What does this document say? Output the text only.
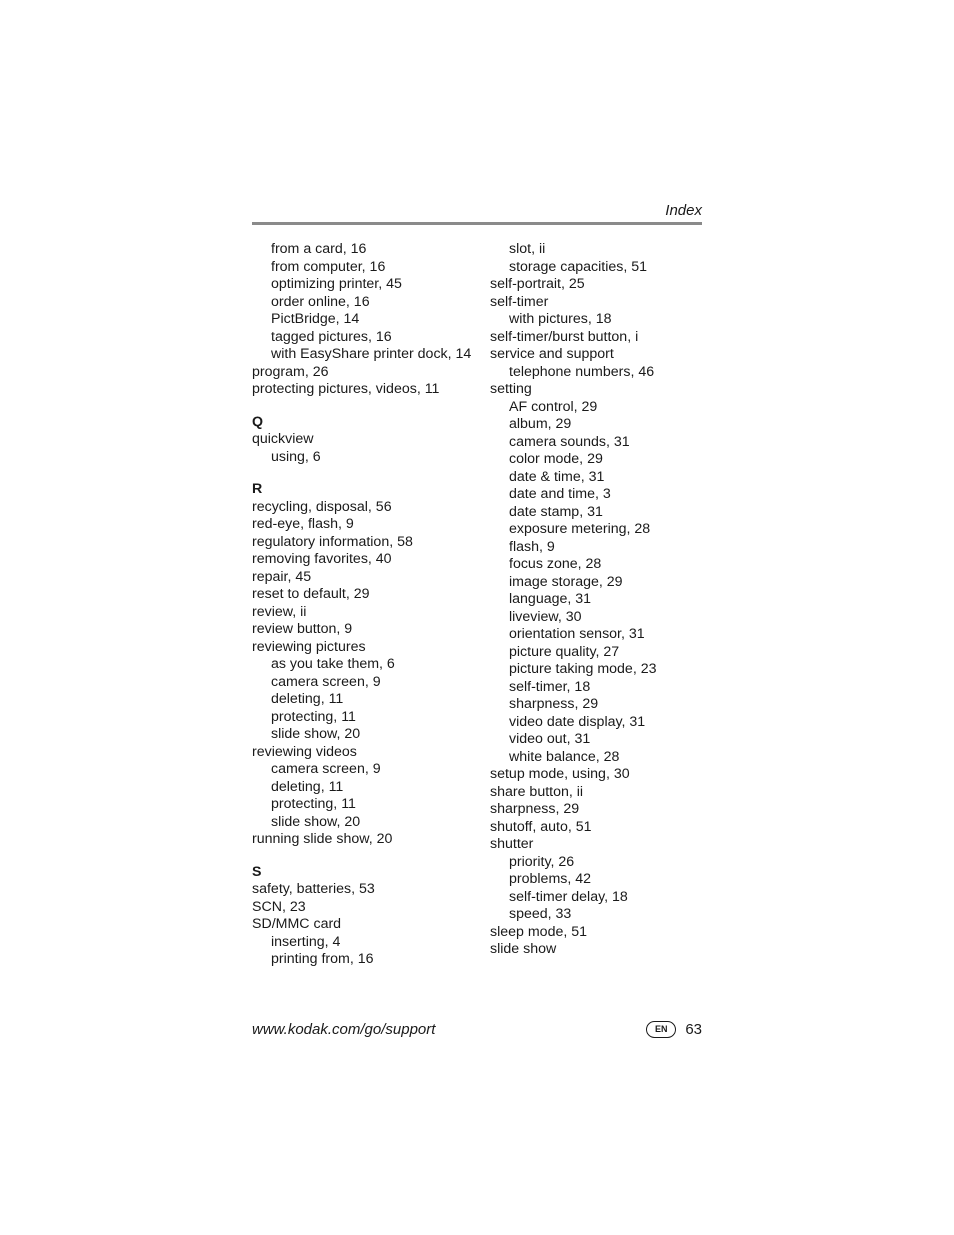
Index
from a card, 16
from computer, 16
optimizing printer, 45
order online, 16
PictBridge, 14
tagged pictures, 16
with EasyShare printer dock, 14
program, 26
protecting pictures, videos, 11
Q
quickview
using, 6
R
recycling, disposal, 56
red-eye, flash, 9
regulatory information, 58
removing favorites, 40
repair, 45
reset to default, 29
review, ii
review button, 9
reviewing pictures
as you take them, 6
camera screen, 9
deleting, 11
protecting, 11
slide show, 20
reviewing videos
camera screen, 9
deleting, 11
protecting, 11
slide show, 20
running slide show, 20
S
safety, batteries, 53
SCN, 23
SD/MMC card
inserting, 4
printing from, 16
slot, ii
storage capacities, 51
self-portrait, 25
self-timer
with pictures, 18
self-timer/burst button, i
service and support
telephone numbers, 46
setting
AF control, 29
album, 29
camera sounds, 31
color mode, 29
date & time, 31
date and time, 3
date stamp, 31
exposure metering, 28
flash, 9
focus zone, 28
image storage, 29
language, 31
liveview, 30
orientation sensor, 31
picture quality, 27
picture taking mode, 23
self-timer, 18
sharpness, 29
video date display, 31
video out, 31
white balance, 28
setup mode, using, 30
share button, ii
sharpness, 29
shutoff, auto, 51
shutter
priority, 26
problems, 42
self-timer delay, 18
speed, 33
sleep mode, 51
slide show
www.kodak.com/go/support	EN	63
